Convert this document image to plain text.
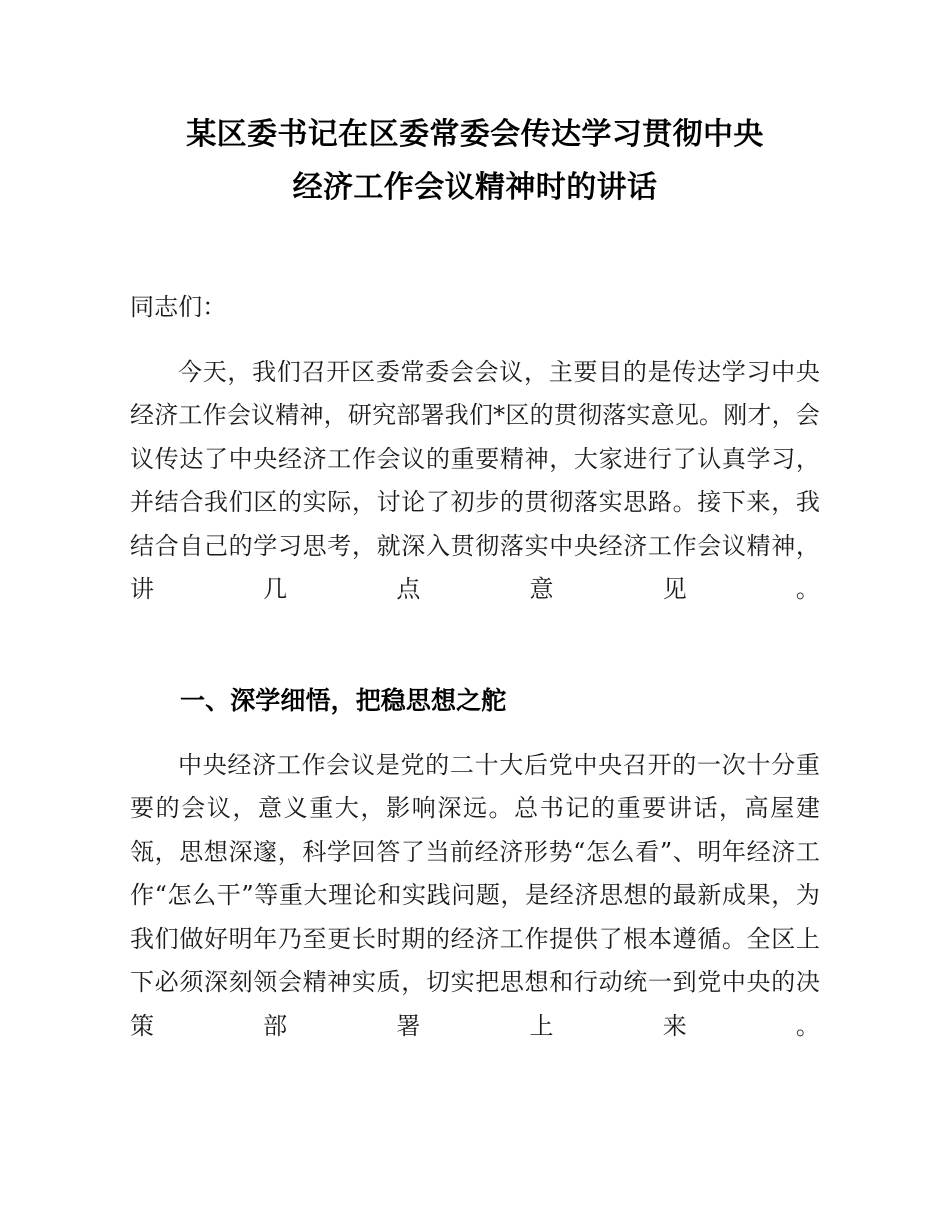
某区委书记在区委常委会传达学习贯彻中央
经济工作会议精神时的讲话

同志们：

今天，我们召开区委常委会会议，主要目的是传达学习中央经济工作会议精神，研究部署我们*区的贯彻落实意见。刚才，会议传达了中央经济工作会议的重要精神，大家进行了认真学习，并结合我们区的实际，讨论了初步的贯彻落实思路。接下来，我结合自己的学习思考，就深入贯彻落实中央经济工作会议精神，讲几点意见。

一、深学细悟，把稳思想之舵

中央经济工作会议是党的二十大后党中央召开的一次十分重要的会议，意义重大，影响深远。总书记的重要讲话，高屋建瓴，思想深邃，科学回答了当前经济形势“怎么看”、明年经济工作“怎么干”等重大理论和实践问题，是经济思想的最新成果，为我们做好明年乃至更长时期的经济工作提供了根本遵循。全区上下必须深刻领会精神实质，切实把思想和行动统一到党中央的决策部署上来。
